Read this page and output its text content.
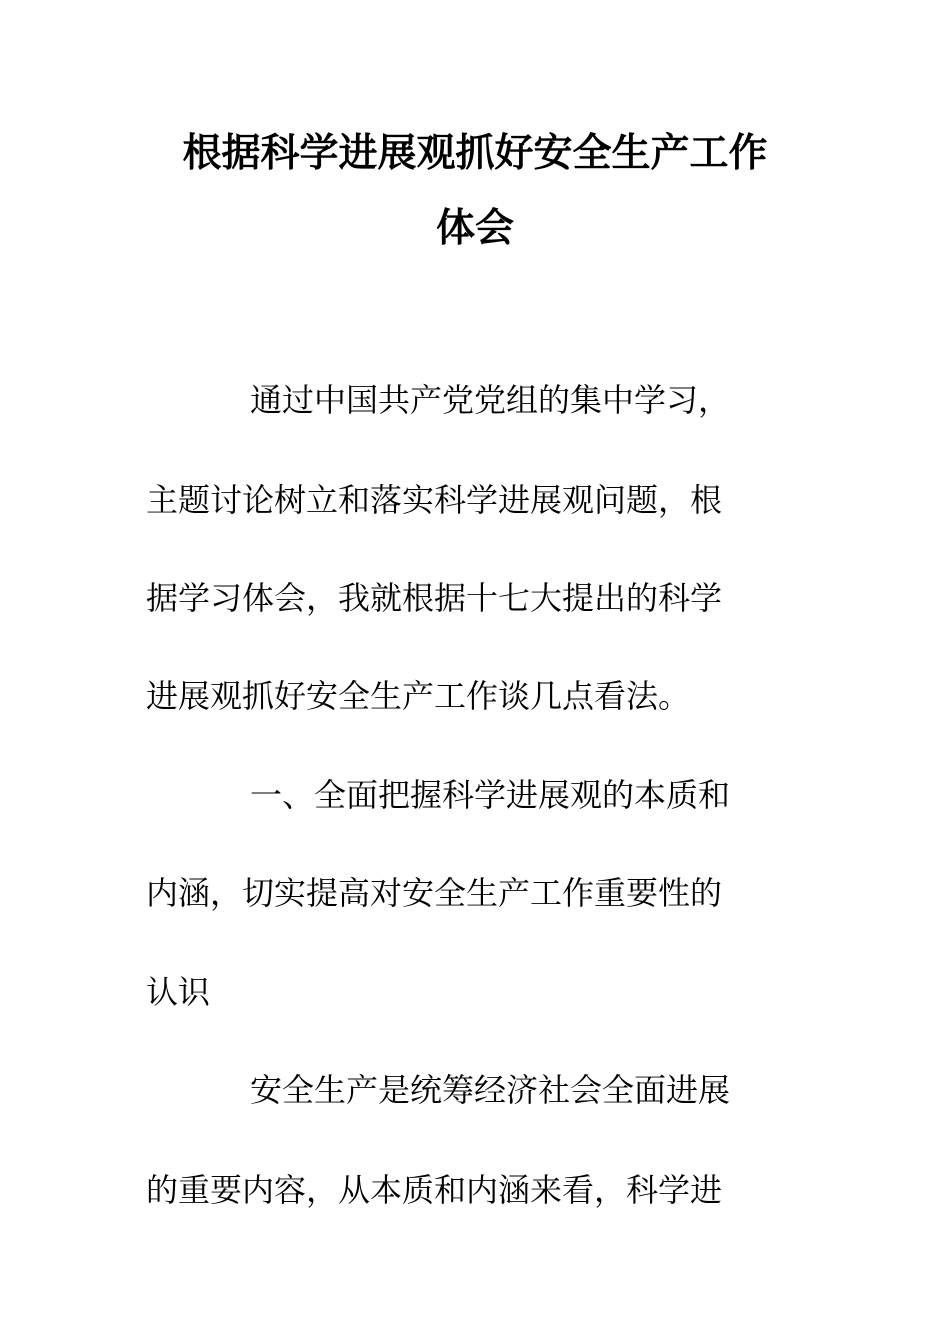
根据科学进展观抓好安全生产工作
体会
通过中国共产党党组的集中学习，
主题讨论树立和落实科学进展观问题，根
据学习体会，我就根据十七大提出的科学
进展观抓好安全生产工作谈几点看法。
一、全面把握科学进展观的本质和
内涵，切实提高对安全生产工作重要性的
认识
安全生产是统筹经济社会全面进展
的重要内容，从本质和内涵来看，科学进
